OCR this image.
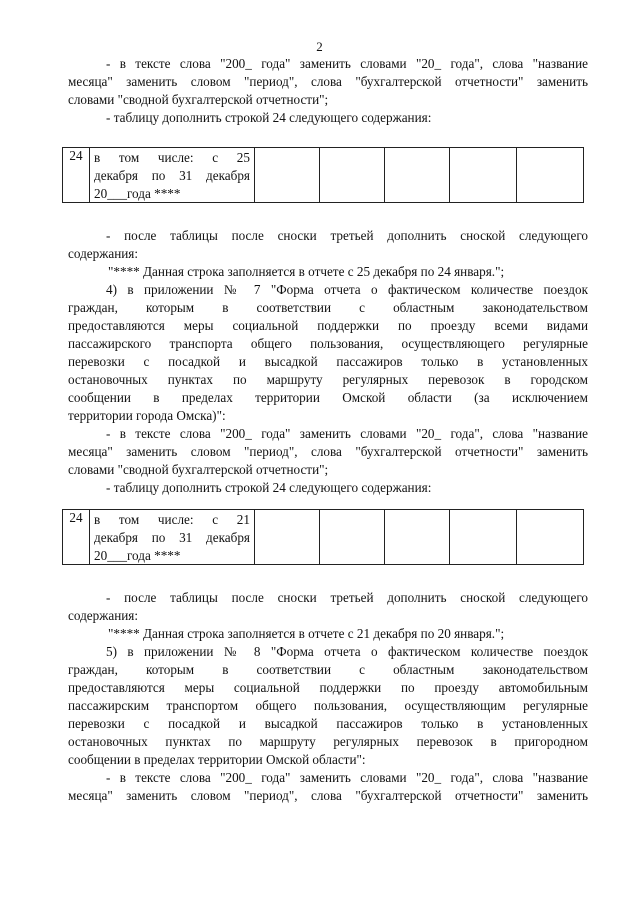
2
- в тексте слова "200_ года" заменить словами "20_ года", слова "название
месяца" заменить словом "период", слова "бухгалтерской отчетности" заменить
словами "сводной бухгалтерской отчетности";
- таблицу дополнить строкой 24 следующего содержания:
24	в том числе: с 25
декабря по 31 декабря
20___года ****

- после таблицы после сноски третьей дополнить сноской следующего
содержания:
"**** Данная строка заполняется в отчете с 25 декабря по 24 января.";
4) в приложении № 7 "Форма отчета о фактическом количестве поездок
граждан, которым в соответствии с областным законодательством
предоставляются меры социальной поддержки по проезду всеми видами
пассажирского транспорта общего пользования, осуществляющего регулярные
перевозки с посадкой и высадкой пассажиров только в установленных
остановочных пунктах по маршруту регулярных перевозок в городском
сообщении в пределах территории Омской области (за исключением
территории города Омска)":
- в тексте слова "200_ года" заменить словами "20_ года", слова "название
месяца" заменить словом "период", слова "бухгалтерской отчетности" заменить
словами "сводной бухгалтерской отчетности";
- таблицу дополнить строкой 24 следующего содержания:
24	в том числе: с 21
декабря по 31 декабря
20___года ****

- после таблицы после сноски третьей дополнить сноской следующего
содержания:
"**** Данная строка заполняется в отчете с 21 декабря по 20 января.";
5) в приложении № 8 "Форма отчета о фактическом количестве поездок
граждан, которым в соответствии с областным законодательством
предоставляются меры социальной поддержки по проезду автомобильным
пассажирским транспортом общего пользования, осуществляющим регулярные
перевозки с посадкой и высадкой пассажиров только в установленных
остановочных пунктах по маршруту регулярных перевозок в пригородном
сообщении в пределах территории Омской области":
- в тексте слова "200_ года" заменить словами "20_ года", слова "название
месяца" заменить словом "период", слова "бухгалтерской отчетности" заменить
